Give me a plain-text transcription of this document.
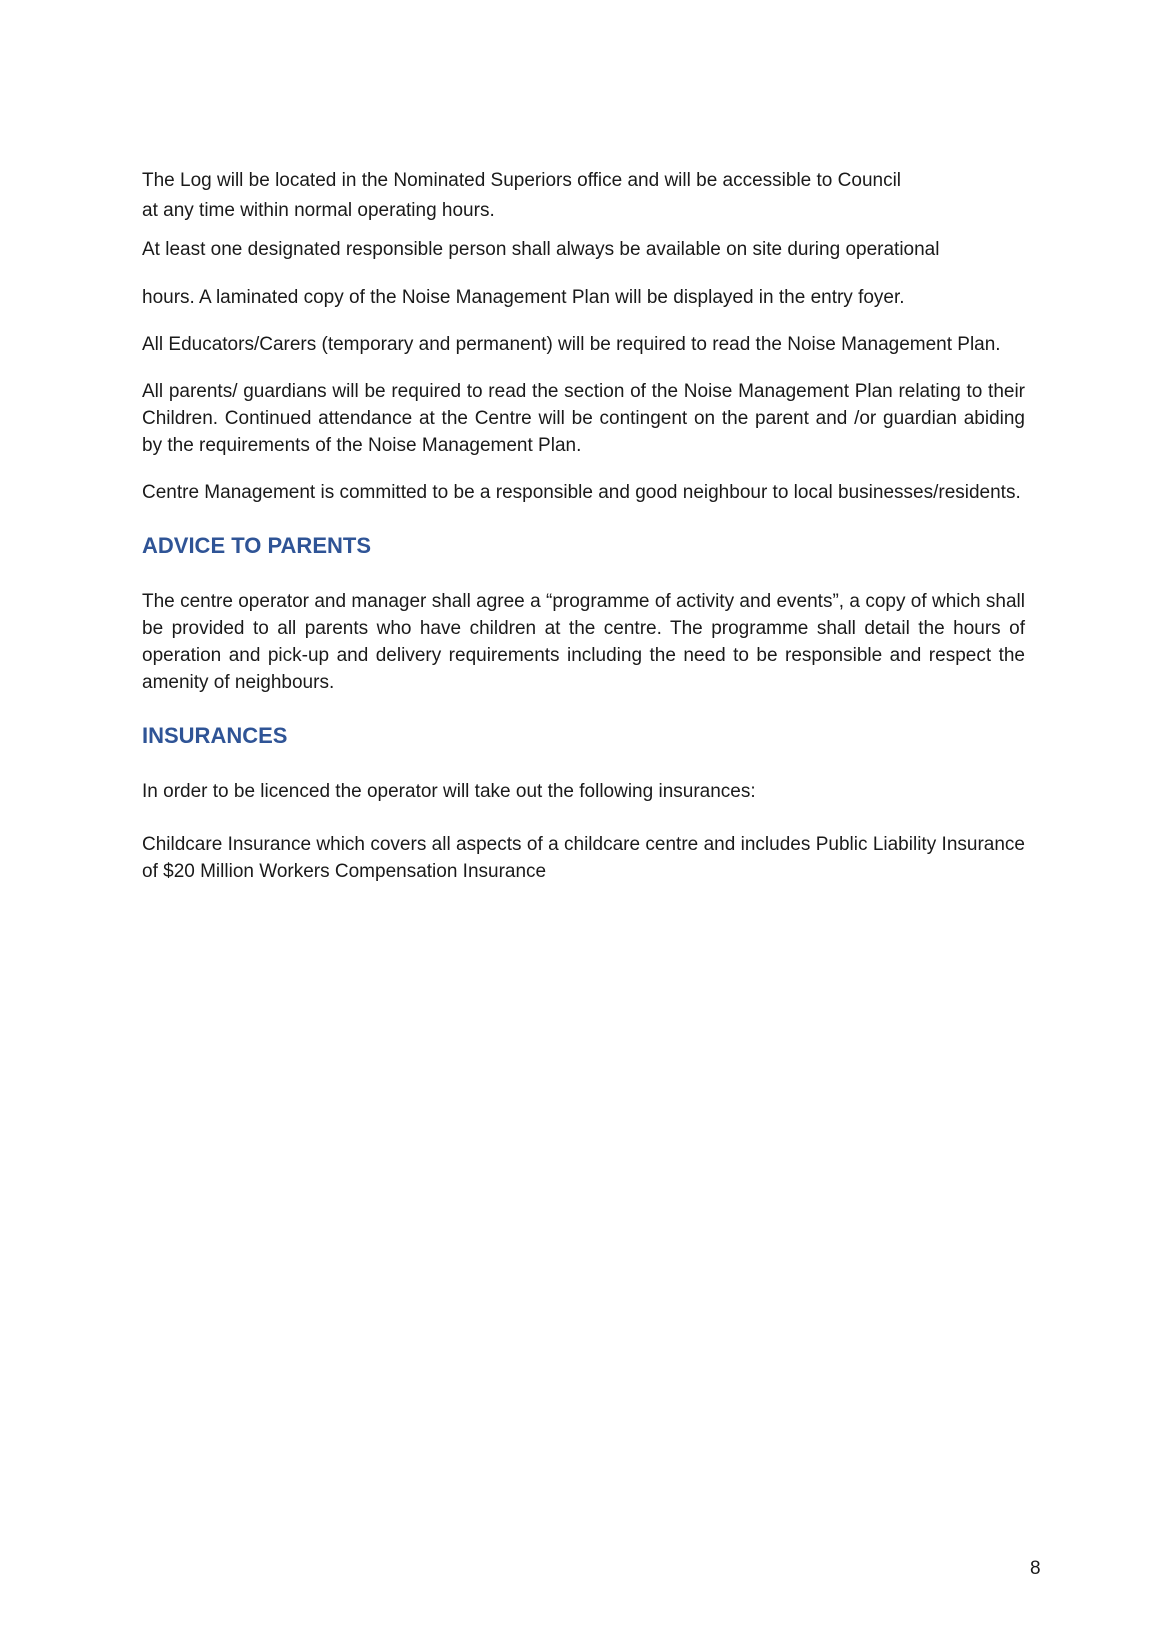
The Log will be located in the Nominated Superiors office and will be accessible to Council
at any time within normal operating hours.

At least one designated responsible person shall always be available on site during operational
hours. A laminated copy of the Noise Management Plan will be displayed in the entry foyer.

All Educators/Carers (temporary and permanent) will be required to read the Noise Management Plan.

All parents/ guardians will be required to read the section of the Noise Management Plan relating to their Children. Continued attendance at the Centre will be contingent on the parent and /or guardian abiding by the requirements of the Noise Management Plan.

Centre Management is committed to be a responsible and good neighbour to local businesses/residents.

ADVICE TO PARENTS

The centre operator and manager shall agree a “programme of activity and events”, a copy of which shall be provided to all parents who have children at the centre. The programme shall detail the hours of operation and pick-up and delivery requirements including the need to be responsible and respect the amenity of neighbours.

INSURANCES

In order to be licenced the operator will take out the following insurances:

Childcare Insurance which covers all aspects of a childcare centre and includes Public Liability Insurance of $20 Million Workers Compensation Insurance

8
